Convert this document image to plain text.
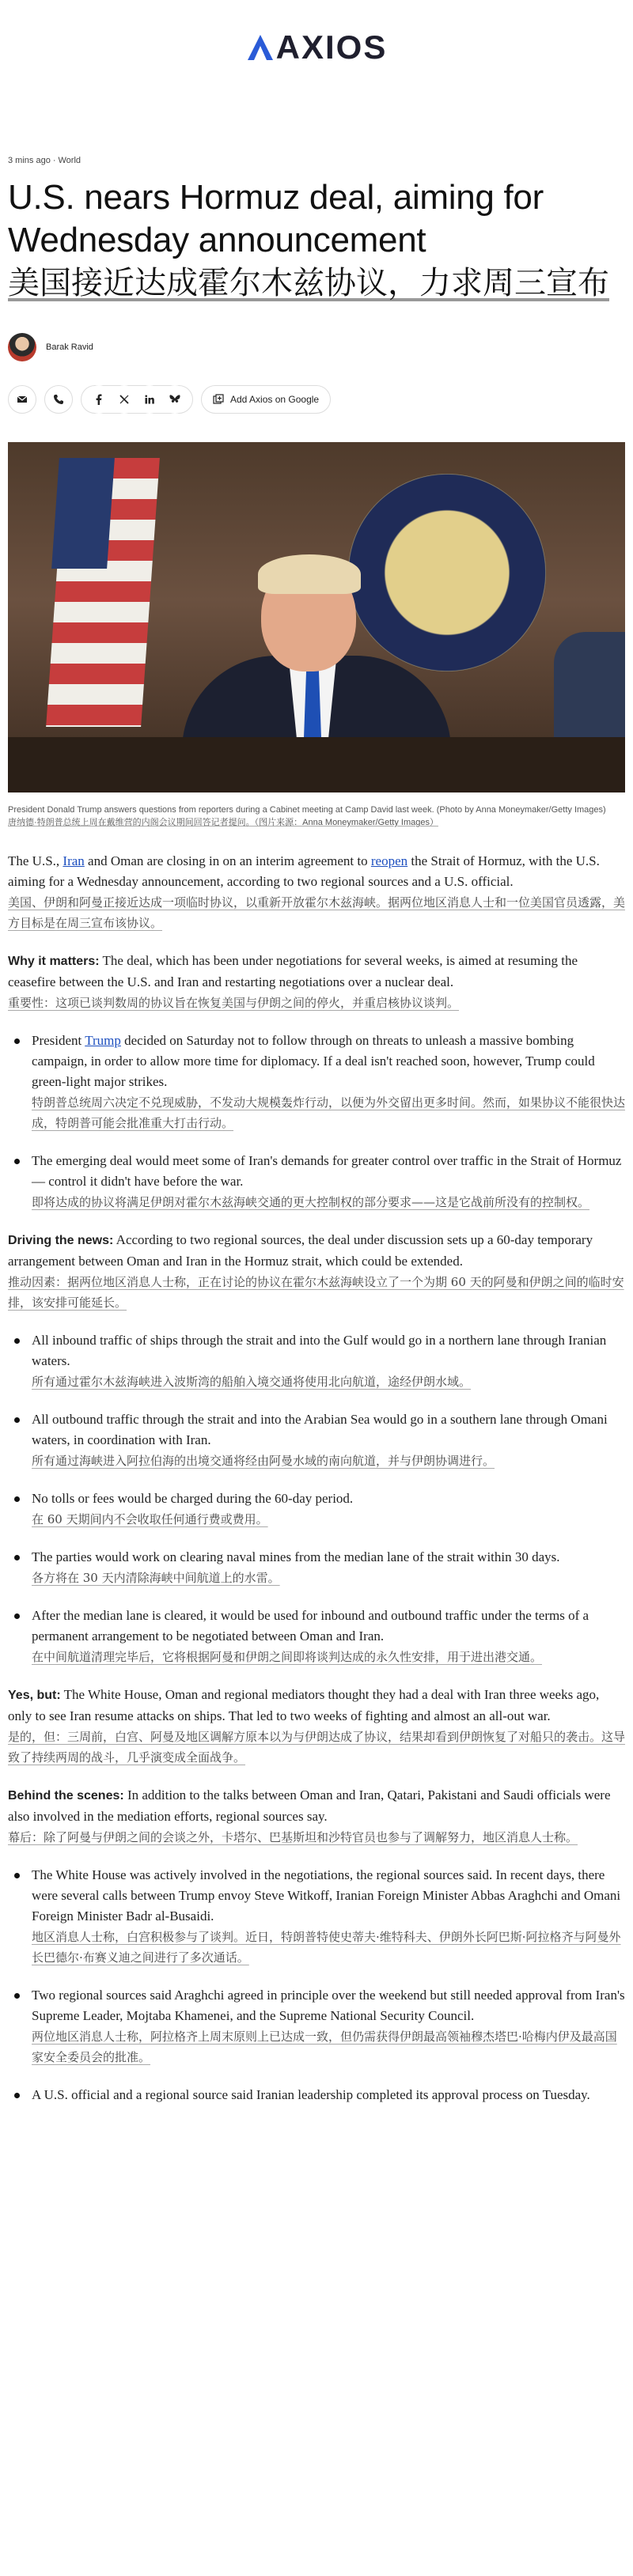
AXIOS
3 mins ago · World
U.S. nears Hormuz deal, aiming for Wednesday announcement
美国接近达成霍尔木兹协议，力求周三宣布
Barak Ravid
Add Axios on Google
President Donald Trump answers questions from reporters during a Cabinet meeting at Camp David last week. (Photo by Anna Moneymaker/Getty Images)
唐纳德·特朗普总统上周在戴维营的内阁会议期间回答记者提问。（图片来源：Anna Moneymaker/Getty Images）

The U.S., Iran and Oman are closing in on an interim agreement to reopen the Strait of Hormuz, with the U.S. aiming for a Wednesday announcement, according to two regional sources and a U.S. official.

美国、伊朗和阿曼正接近达成一项临时协议，以重新开放霍尔木兹海峡。据两位地区消息人士和一位美国官员透露，美方目标是在周三宣布该协议。

Why it matters: The deal, which has been under negotiations for several weeks, is aimed at resuming the ceasefire between the U.S. and Iran and restarting negotiations over a nuclear deal.

重要性：这项已谈判数周的协议旨在恢复美国与伊朗之间的停火，并重启核协议谈判。

President Trump decided on Saturday not to follow through on threats to unleash a massive bombing campaign, in order to allow more time for diplomacy. If a deal isn't reached soon, however, Trump could green-light major strikes.

特朗普总统周六决定不兑现威胁，不发动大规模轰炸行动，以便为外交留出更多时间。然而，如果协议不能很快达成，特朗普可能会批准重大打击行动。

The emerging deal would meet some of Iran's demands for greater control over traffic in the Strait of Hormuz — control it didn't have before the war.

即将达成的协议将满足伊朗对霍尔木兹海峡交通的更大控制权的部分要求——这是它战前所没有的控制权。

Driving the news: According to two regional sources, the deal under discussion sets up a 60-day temporary arrangement between Oman and Iran in the Hormuz strait, which could be extended.

推动因素：据两位地区消息人士称，正在讨论的协议在霍尔木兹海峡设立了一个为期 60 天的阿曼和伊朗之间的临时安排，该安排可能延长。

All inbound traffic of ships through the strait and into the Gulf would go in a northern lane through Iranian waters.

所有通过霍尔木兹海峡进入波斯湾的船舶入境交通将使用北向航道，途经伊朗水域。

All outbound traffic through the strait and into the Arabian Sea would go in a southern lane through Omani waters, in coordination with Iran.

所有通过海峡进入阿拉伯海的出境交通将经由阿曼水域的南向航道，并与伊朗协调进行。

No tolls or fees would be charged during the 60-day period.

在 60 天期间内不会收取任何通行费或费用。

The parties would work on clearing naval mines from the median lane of the strait within 30 days.

各方将在 30 天内清除海峡中间航道上的水雷。

After the median lane is cleared, it would be used for inbound and outbound traffic under the terms of a permanent arrangement to be negotiated between Oman and Iran.

在中间航道清理完毕后，它将根据阿曼和伊朗之间即将谈判达成的永久性安排，用于进出港交通。

Yes, but: The White House, Oman and regional mediators thought they had a deal with Iran three weeks ago, only to see Iran resume attacks on ships. That led to two weeks of fighting and almost an all-out war.

是的，但：三周前，白宫、阿曼及地区调解方原本以为与伊朗达成了协议，结果却看到伊朗恢复了对船只的袭击。这导致了持续两周的战斗，几乎演变成全面战争。

Behind the scenes: In addition to the talks between Oman and Iran, Qatari, Pakistani and Saudi officials were also involved in the mediation efforts, regional sources say.

幕后：除了阿曼与伊朗之间的会谈之外，卡塔尔、巴基斯坦和沙特官员也参与了调解努力，地区消息人士称。

The White House was actively involved in the negotiations, the regional sources said. In recent days, there were several calls between Trump envoy Steve Witkoff, Iranian Foreign Minister Abbas Araghchi and Omani Foreign Minister Badr al-Busaidi.

地区消息人士称，白宫积极参与了谈判。近日，特朗普特使史蒂夫·维特科夫、伊朗外长阿巴斯·阿拉格齐与阿曼外长巴德尔·布赛义迪之间进行了多次通话。

Two regional sources said Araghchi agreed in principle over the weekend but still needed approval from Iran's Supreme Leader, Mojtaba Khamenei, and the Supreme National Security Council.

两位地区消息人士称，阿拉格齐上周末原则上已达成一致，但仍需获得伊朗最高领袖穆杰塔巴·哈梅内伊及最高国家安全委员会的批准。

A U.S. official and a regional source said Iranian leadership completed its approval process on Tuesday.
